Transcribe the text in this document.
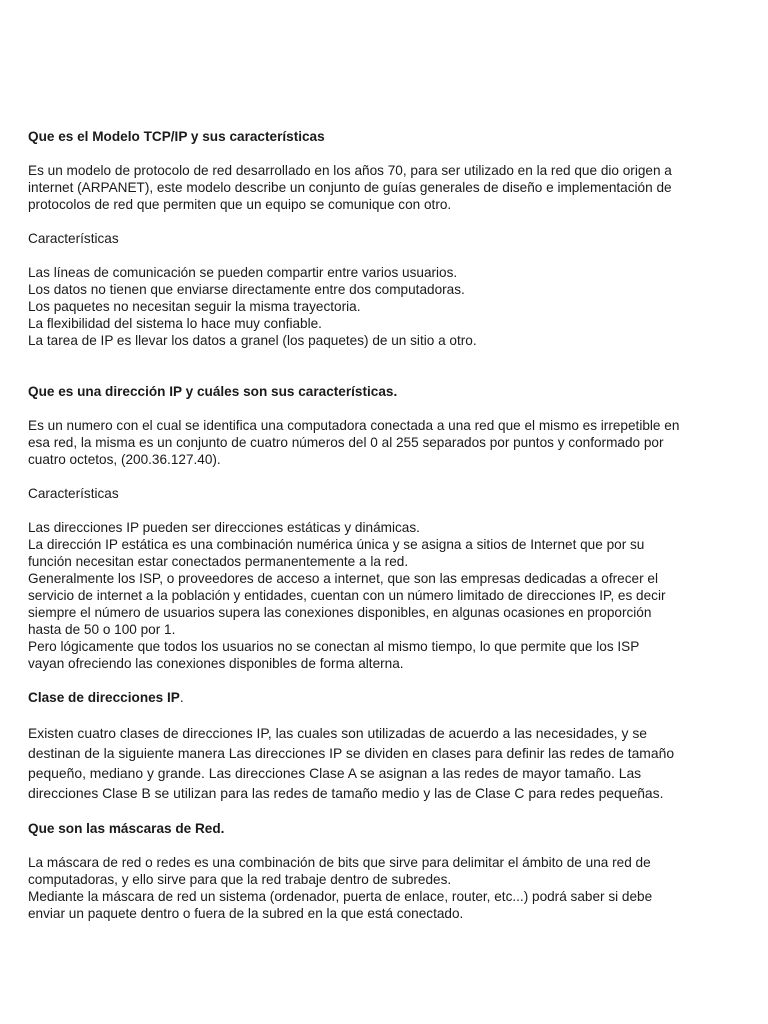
Que es el Modelo TCP/IP y sus características
Es un modelo de protocolo de red desarrollado en los años 70, para ser utilizado en la red que dio origen a
internet (ARPANET), este modelo describe un conjunto de guías generales de diseño e implementación de
protocolos de red que permiten que un equipo se comunique con otro.
Características
Las líneas de comunicación se pueden compartir entre varios usuarios.
Los datos no tienen que enviarse directamente entre dos computadoras.
Los paquetes no necesitan seguir la misma trayectoria.
La flexibilidad del sistema lo hace muy confiable.
La tarea de IP es llevar los datos a granel (los paquetes) de un sitio a otro.
Que es una dirección IP y cuáles son sus características.
Es un numero con el cual se identifica una computadora conectada a una red que el mismo es irrepetible en
esa red, la misma es un conjunto de cuatro números del 0 al 255 separados por puntos y conformado por
cuatro octetos, (200.36.127.40).
Características
Las direcciones IP pueden ser direcciones estáticas y dinámicas.
La dirección IP estática es una combinación numérica única y se asigna a sitios de Internet que por su
función necesitan estar conectados permanentemente a la red.
Generalmente los ISP, o proveedores de acceso a internet, que son las empresas dedicadas a ofrecer el
servicio de internet a la población y entidades, cuentan con un número limitado de direcciones IP, es decir
siempre el número de usuarios supera las conexiones disponibles, en algunas ocasiones en proporción
hasta de 50 o 100 por 1.
Pero lógicamente que todos los usuarios no se conectan al mismo tiempo, lo que permite que los ISP
vayan ofreciendo las conexiones disponibles de forma alterna.
Clase de direcciones IP.
Existen cuatro clases de direcciones IP, las cuales son utilizadas de acuerdo a las necesidades, y se
destinan de la siguiente manera Las direcciones IP se dividen en clases para definir las redes de tamaño
pequeño, mediano y grande. Las direcciones Clase A se asignan a las redes de mayor tamaño. Las
direcciones Clase B se utilizan para las redes de tamaño medio y las de Clase C para redes pequeñas.
Que son las máscaras de Red.
La máscara de red o redes es una combinación de bits que sirve para delimitar el ámbito de una red de
computadoras, y ello sirve para que la red trabaje dentro de subredes.
Mediante la máscara de red un sistema (ordenador, puerta de enlace, router, etc...) podrá saber si debe
enviar un paquete dentro o fuera de la subred en la que está conectado.
